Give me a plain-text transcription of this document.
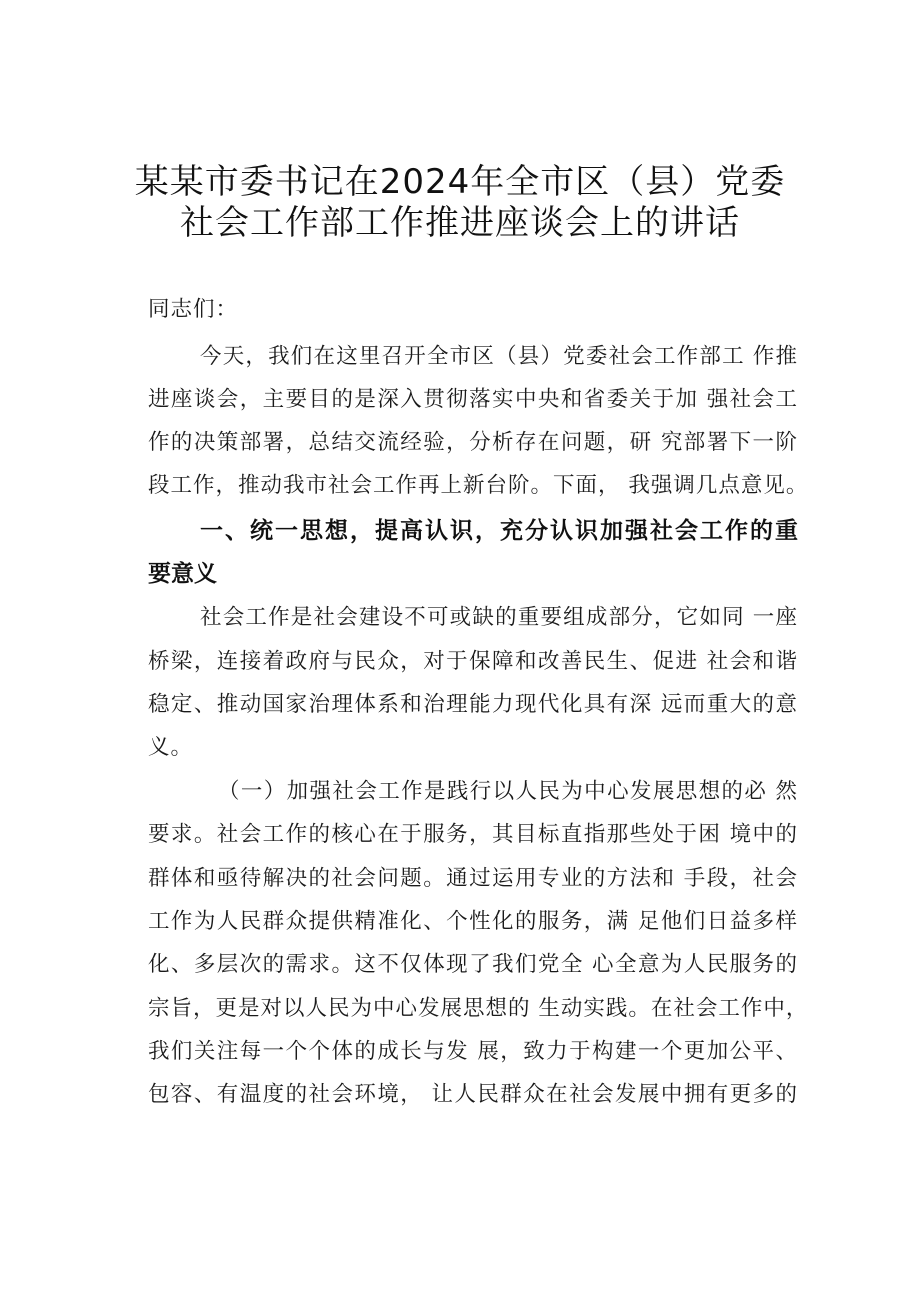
某某市委书记在2024年全市区（县）党委
社会工作部工作推进座谈会上的讲话
同志们：
今天，我们在这里召开全市区（县）党委社会工作部工 作推
进座谈会，主要目的是深入贯彻落实中央和省委关于加 强社会工
作的决策部署，总结交流经验，分析存在问题，研 究部署下一阶
段工作，推动我市社会工作再上新台阶。下面， 我强调几点意见。
一、统一思想，提高认识，充分认识加强社会工作的重
要意义
社会工作是社会建设不可或缺的重要组成部分，它如同 一座
桥梁，连接着政府与民众，对于保障和改善民生、促进 社会和谐
稳定、推动国家治理体系和治理能力现代化具有深 远而重大的意
义。
（一）加强社会工作是践行以人民为中心发展思想的必 然
要求。社会工作的核心在于服务，其目标直指那些处于困 境中的
群体和亟待解决的社会问题。通过运用专业的方法和 手段，社会
工作为人民群众提供精准化、个性化的服务，满 足他们日益多样
化、多层次的需求。这不仅体现了我们党全 心全意为人民服务的
宗旨，更是对以人民为中心发展思想的 生动实践。在社会工作中，
我们关注每一个个体的成长与发 展，致力于构建一个更加公平、
包容、有温度的社会环境， 让人民群众在社会发展中拥有更多的
